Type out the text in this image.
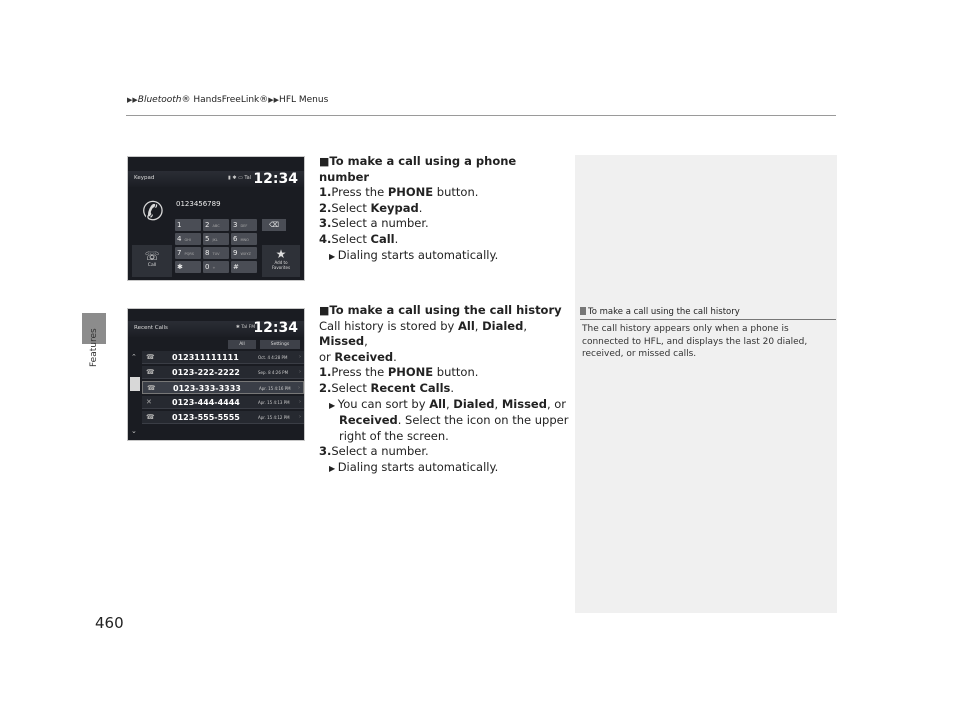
▶▶Bluetooth® HandsFreeLink®▶▶HFL Menus
Features
460
Keypad	▮ ✱ ▭ Tal 12:34
✆ 0123456789
1	2 ABC	3 DEF
4 GHI	5 JKL	6 MNO
7 PQRS	8 TUV	9 WXYZ
✱	0 +	#
⌫
☏
Call
★
Add to
Favorites
Recent Calls	✱ Tal FM
12:34
All	Settings
⌃
⌄
☎ 012311111111	Oct. 4 4:28 PM ›
☎ 0123-222-2222	Sep. 8 4:26 PM ›
☎ 0123-333-3333	Apr. 15 4:16 PM ›
✕	0123-444-4444	Apr. 15 4:13 PM ›
☎ 0123-555-5555	Apr. 15 4:12 PM ›
■To make a call using a phone number
1.Press the PHONE button.
2.Select Keypad.
3.Select a number.
4.Select Call.
▶ Dialing starts automatically.
■To make a call using the call history
Call history is stored by All, Dialed, Missed,
or Received.
1.Press the PHONE button.
2.Select Recent Calls.
▶ You can sort by All, Dialed, Missed, or
Received. Select the icon on the upper
right of the screen.
3.Select a number.
▶ Dialing starts automatically.
To make a call using the call history
The call history appears only when a phone is
connected to HFL, and displays the last 20 dialed,
received, or missed calls.
